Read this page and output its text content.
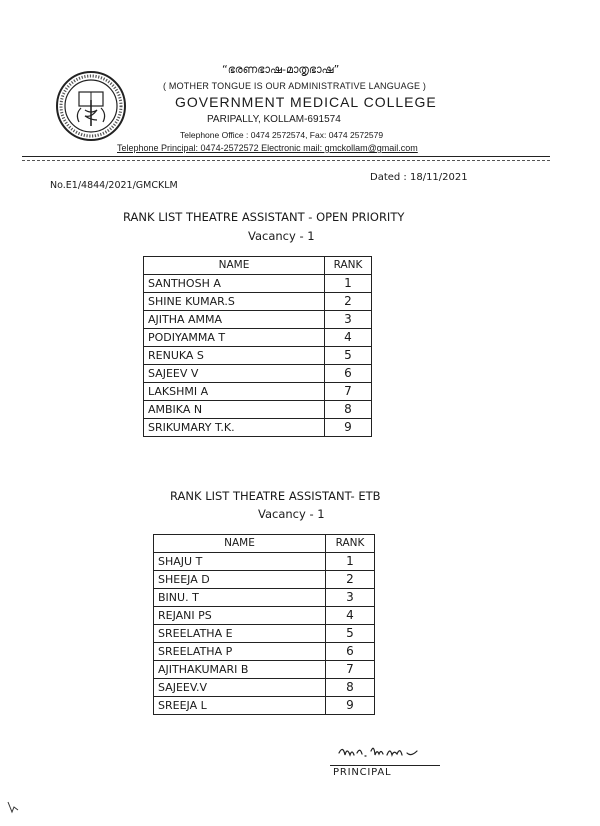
“ഭരണഭാഷ-മാതൃഭാഷ”
( MOTHER TONGUE IS OUR ADMINISTRATIVE LANGUAGE )
GOVERNMENT MEDICAL COLLEGE
PARIPALLY, KOLLAM-691574
Telephone Office : 0474 2572574, Fax: 0474 2572579
Telephone Principal: 0474-2572572 Electronic mail: gmckollam@gmail.com
No.E1/4844/2021/GMCKLM
Dated : 18/11/2021
RANK LIST THEATRE ASSISTANT - OPEN PRIORITY
Vacancy - 1
NAME	RANK
SANTHOSH A	1
SHINE KUMAR.S	2
AJITHA AMMA	3
PODIYAMMA T	4
RENUKA S	5
SAJEEV V	6
LAKSHMI A	7
AMBIKA N	8
SRIKUMARY T.K.	9
RANK LIST THEATRE ASSISTANT- ETB
Vacancy - 1
NAME	RANK
SHAJU T	1
SHEEJA D	2
BINU. T	3
REJANI PS	4
SREELATHA E	5
SREELATHA P	6
AJITHAKUMARI B	7
SAJEEV.V	8
SREEJA L	9
PRINCIPAL
